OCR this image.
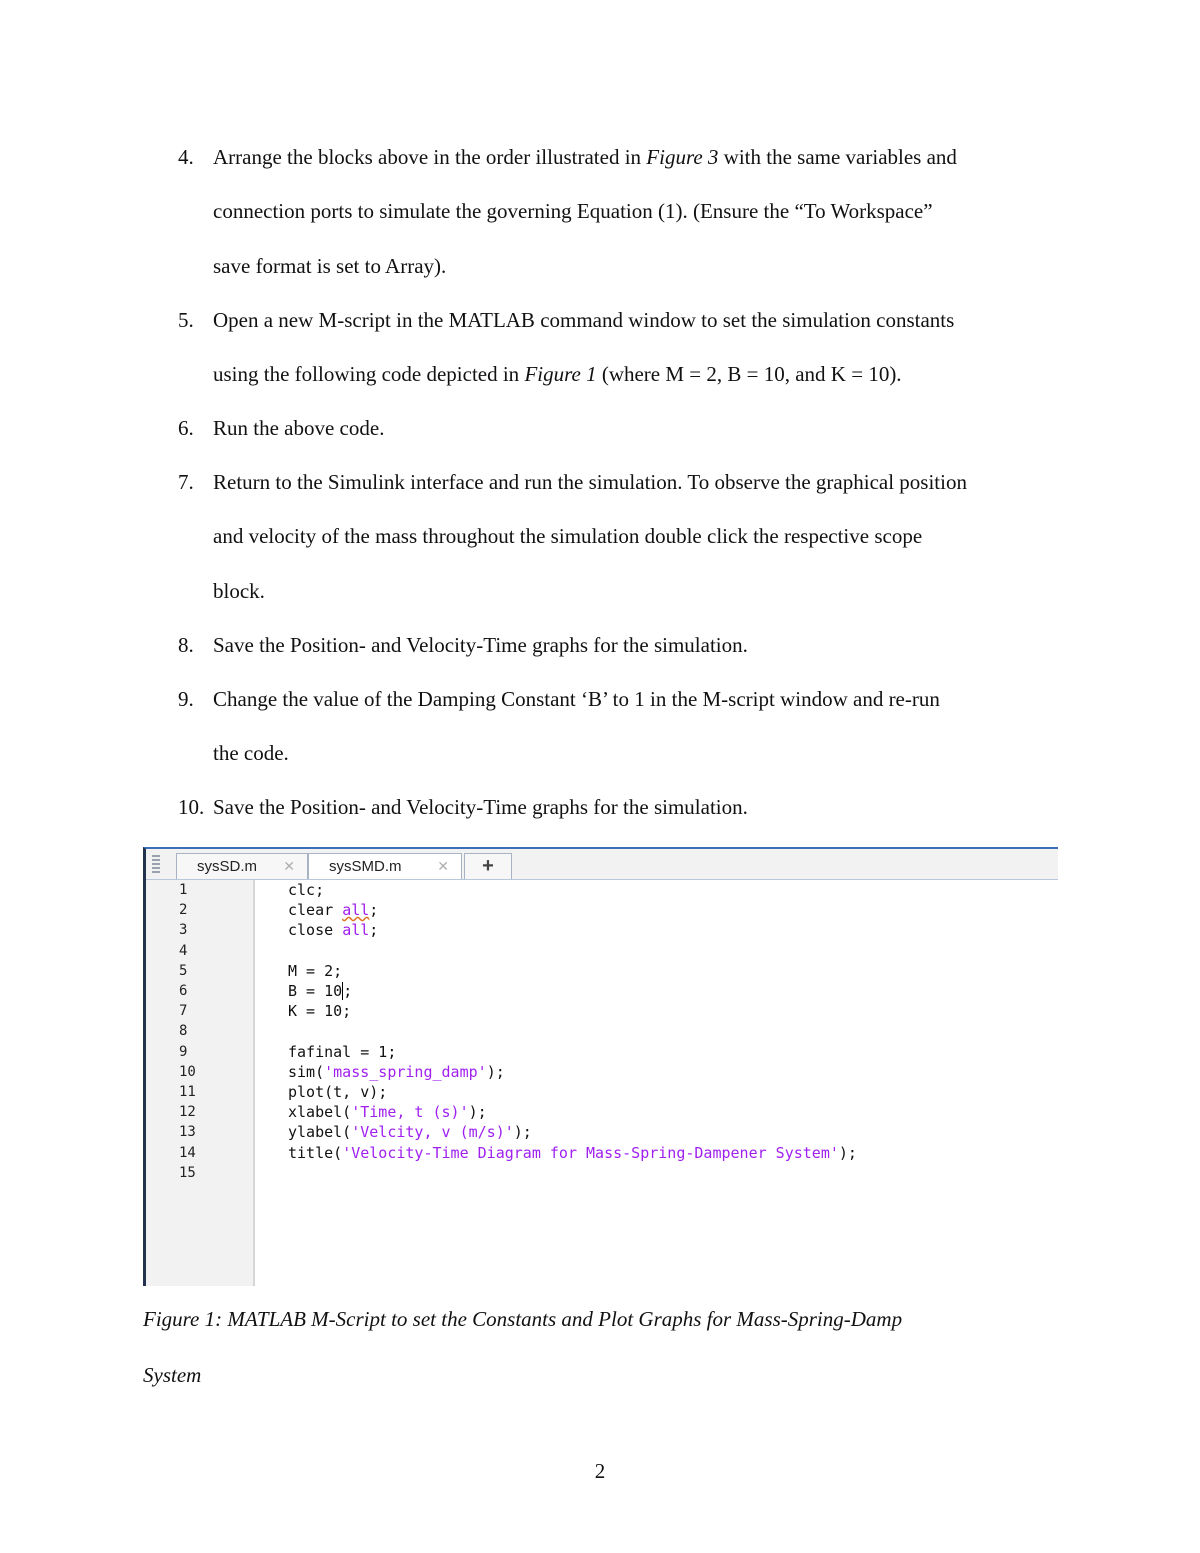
4. Arrange the blocks above in the order illustrated in Figure 3 with the same variables and
connection ports to simulate the governing Equation (1). (Ensure the “To Workspace”
save format is set to Array).
5. Open a new M-script in the MATLAB command window to set the simulation constants
using the following code depicted in Figure 1 (where M = 2, B = 10, and K = 10).
6. Run the above code.
7. Return to the Simulink interface and run the simulation. To observe the graphical position
and velocity of the mass throughout the simulation double click the respective scope
block.
8. Save the Position- and Velocity-Time graphs for the simulation.
9. Change the value of the Damping Constant ‘B’ to 1 in the M-script window and re-run
the code.
10. Save the Position- and Velocity-Time graphs for the simulation.
sysSD.m ✕	sysSMD.m	✕	+
1
2
3
4
5
6
7
8
9
10
11
12
13
14
15
clc;
clear all;
close all;
M = 2;
B = 10;
K = 10;
fafinal = 1;
sim('mass_spring_damp');
plot(t, v);
xlabel('Time, t (s)');
ylabel('Velcity, v (m/s)');
title('Velocity-Time Diagram for Mass-Spring-Dampener System');
Figure 1: MATLAB M-Script to set the Constants and Plot Graphs for Mass-Spring-Damp
System
2
